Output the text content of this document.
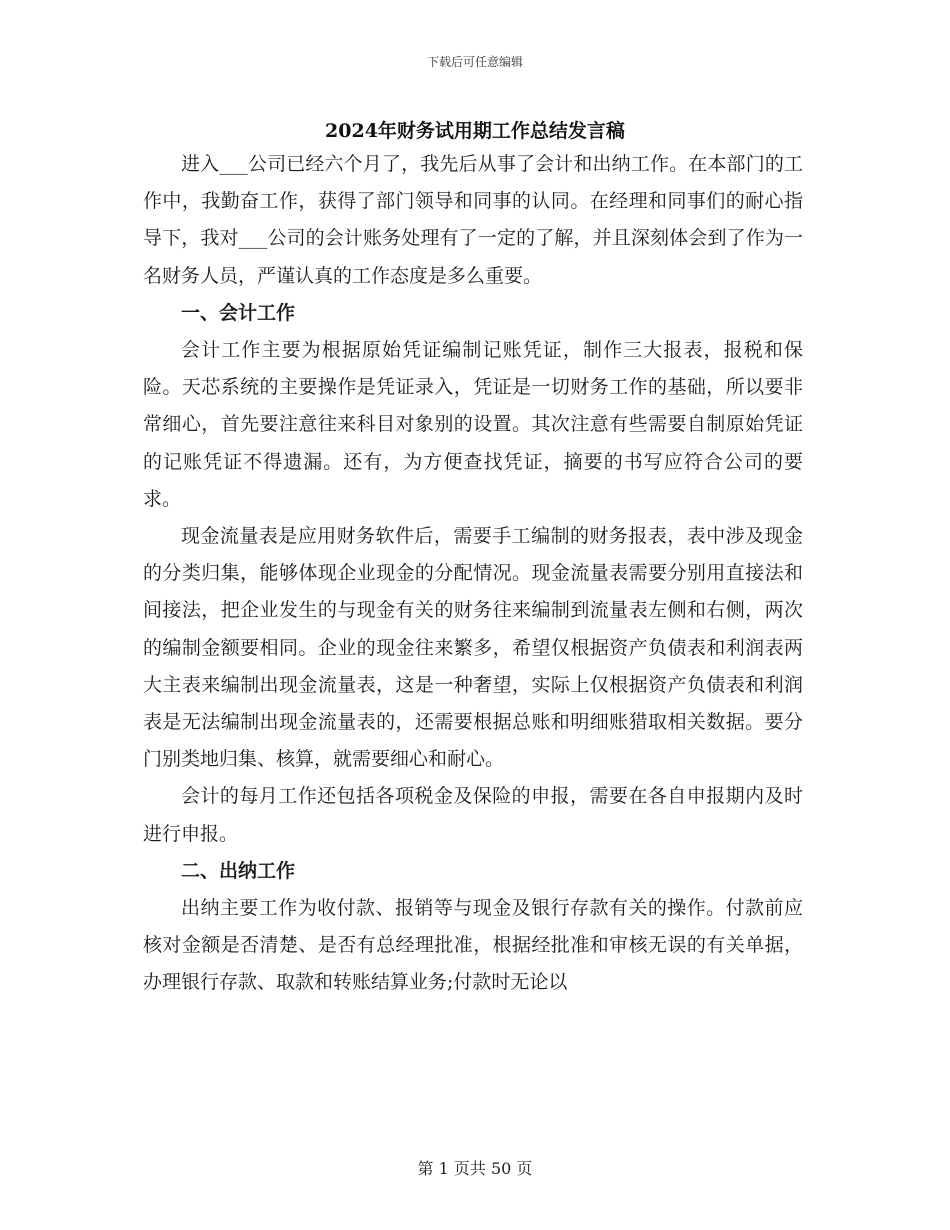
下载后可任意编辑
2024年财务试用期工作总结发言稿

进入___公司已经六个月了，我先后从事了会计和出纳工作。在本部门的工作中，我勤奋工作，获得了部门领导和同事的认同。在经理和同事们的耐心指导下，我对___公司的会计账务处理有了一定的了解，并且深刻体会到了作为一名财务人员，严谨认真的工作态度是多么重要。

一、会计工作

会计工作主要为根据原始凭证编制记账凭证，制作三大报表，报税和保险。天芯系统的主要操作是凭证录入，凭证是一切财务工作的基础，所以要非常细心，首先要注意往来科目对象别的设置。其次注意有些需要自制原始凭证的记账凭证不得遗漏。还有，为方便查找凭证，摘要的书写应符合公司的要求。

现金流量表是应用财务软件后，需要手工编制的财务报表，表中涉及现金的分类归集，能够体现企业现金的分配情况。现金流量表需要分别用直接法和间接法，把企业发生的与现金有关的财务往来编制到流量表左侧和右侧，两次的编制金额要相同。企业的现金往来繁多，希望仅根据资产负债表和利润表两大主表来编制出现金流量表，这是一种奢望，实际上仅根据资产负债表和利润表是无法编制出现金流量表的，还需要根据总账和明细账猎取相关数据。要分门别类地归集、核算，就需要细心和耐心。

会计的每月工作还包括各项税金及保险的申报，需要在各自申报期内及时进行申报。

二、出纳工作

出纳主要工作为收付款、报销等与现金及银行存款有关的操作。付款前应核对金额是否清楚、是否有总经理批准，根据经批准和审核无误的有关单据，办理银行存款、取款和转账结算业务;付款时无论以

第 1 页共 50 页
